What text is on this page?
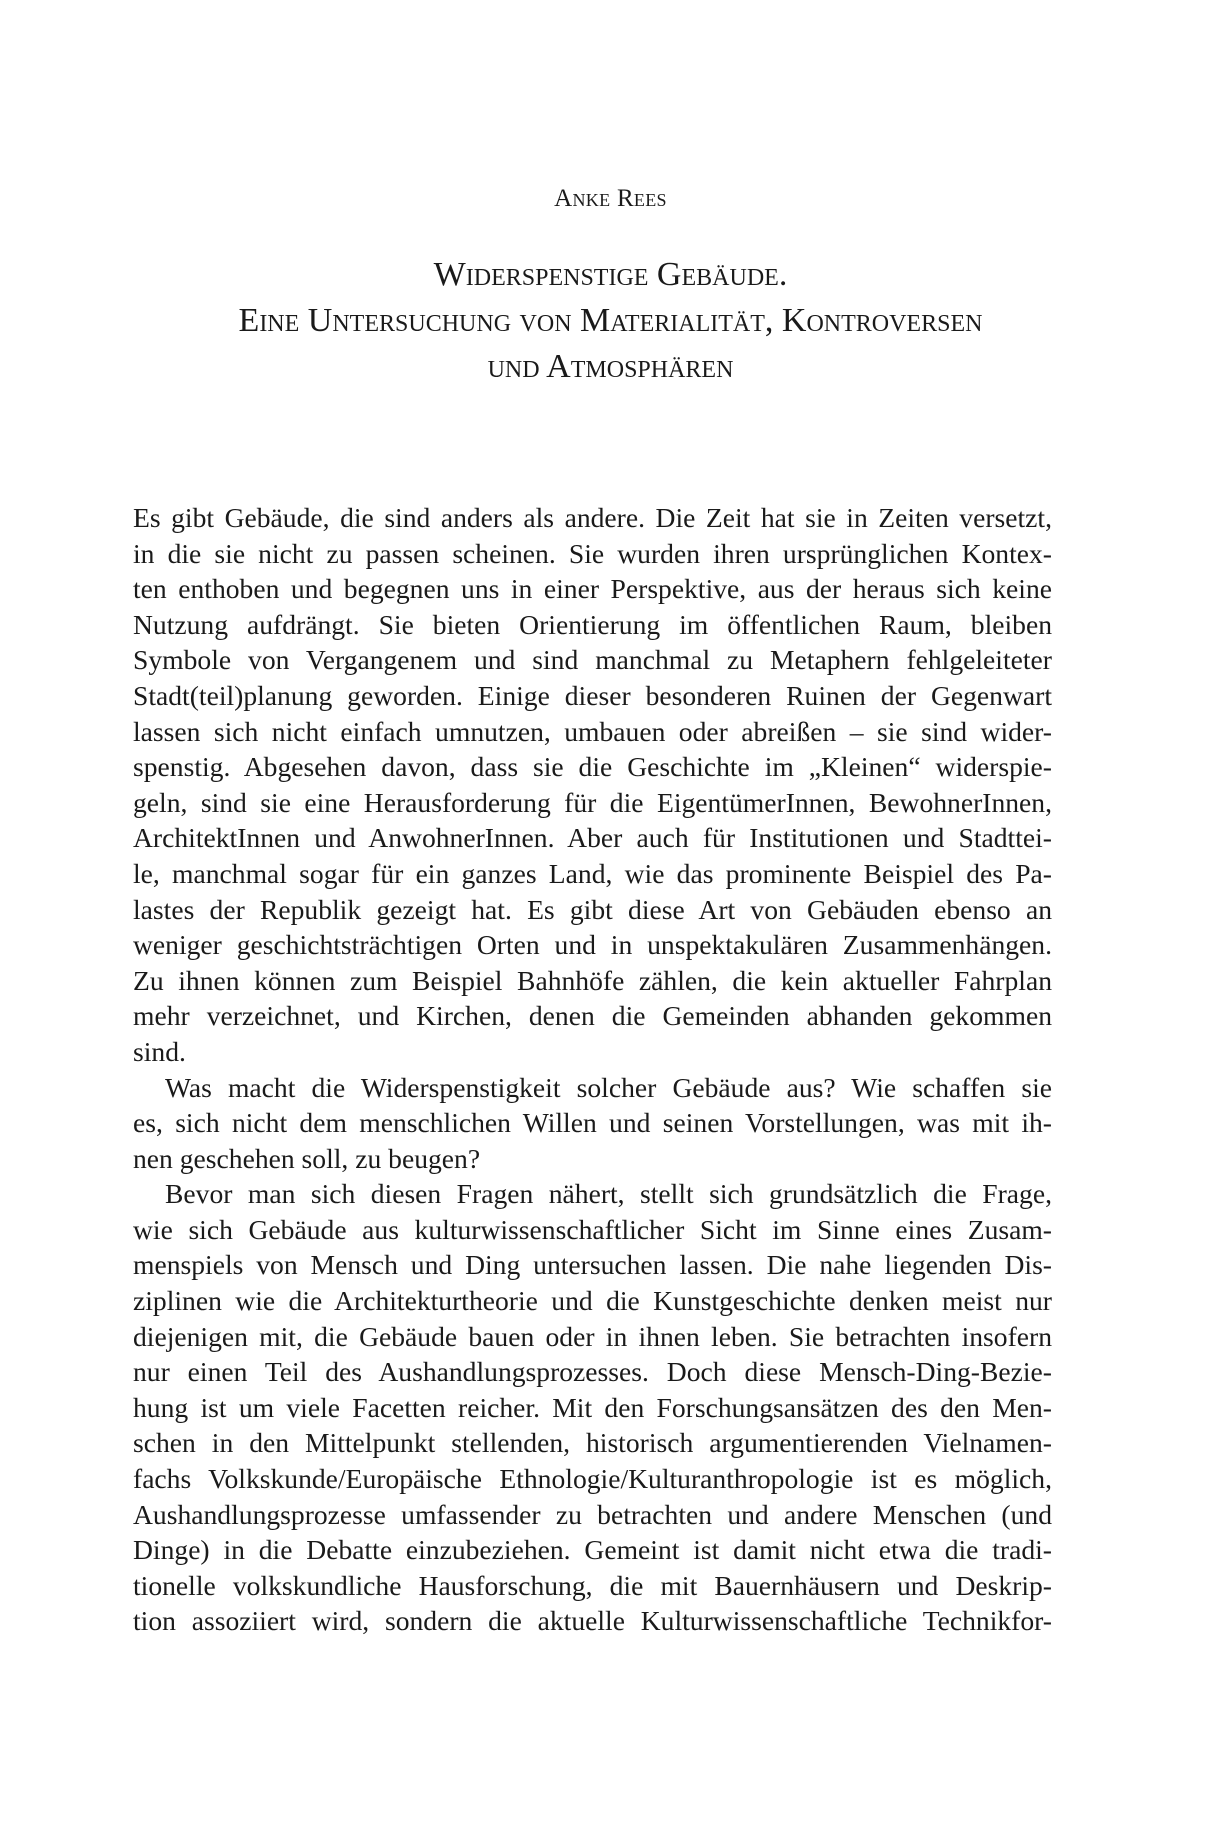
Anke Rees
Widerspenstige Gebäude.
Eine Untersuchung von Materialität, Kontroversen
und Atmosphären
Es gibt Gebäude, die sind anders als andere. Die Zeit hat sie in Zeiten versetzt,
in die sie nicht zu passen scheinen. Sie wurden ihren ursprünglichen Kontex-
ten enthoben und begegnen uns in einer Perspektive, aus der heraus sich keine
Nutzung aufdrängt. Sie bieten Orientierung im öffentlichen Raum, bleiben
Symbole von Vergangenem und sind manchmal zu Metaphern fehlgeleiteter
Stadt(teil)planung geworden. Einige dieser besonderen Ruinen der Gegenwart
lassen sich nicht einfach umnutzen, umbauen oder abreißen – sie sind wider-
spenstig. Abgesehen davon, dass sie die Geschichte im „Kleinen“ widerspie-
geln, sind sie eine Herausforderung für die EigentümerInnen, BewohnerInnen,
ArchitektInnen und AnwohnerInnen. Aber auch für Institutionen und Stadttei-
le, manchmal sogar für ein ganzes Land, wie das prominente Beispiel des Pa-
lastes der Republik gezeigt hat. Es gibt diese Art von Gebäuden ebenso an
weniger geschichtsträchtigen Orten und in unspektakulären Zusammenhängen.
Zu ihnen können zum Beispiel Bahnhöfe zählen, die kein aktueller Fahrplan
mehr verzeichnet, und Kirchen, denen die Gemeinden abhanden gekommen
sind.
Was macht die Widerspenstigkeit solcher Gebäude aus? Wie schaffen sie
es, sich nicht dem menschlichen Willen und seinen Vorstellungen, was mit ih-
nen geschehen soll, zu beugen?
Bevor man sich diesen Fragen nähert, stellt sich grundsätzlich die Frage,
wie sich Gebäude aus kulturwissenschaftlicher Sicht im Sinne eines Zusam-
menspiels von Mensch und Ding untersuchen lassen. Die nahe liegenden Dis-
ziplinen wie die Architekturtheorie und die Kunstgeschichte denken meist nur
diejenigen mit, die Gebäude bauen oder in ihnen leben. Sie betrachten insofern
nur einen Teil des Aushandlungsprozesses. Doch diese Mensch-Ding-Bezie-
hung ist um viele Facetten reicher. Mit den Forschungsansätzen des den Men-
schen in den Mittelpunkt stellenden, historisch argumentierenden Vielnamen-
fachs Volkskunde/Europäische Ethnologie/Kulturanthropologie ist es möglich,
Aushandlungsprozesse umfassender zu betrachten und andere Menschen (und
Dinge) in die Debatte einzubeziehen. Gemeint ist damit nicht etwa die tradi-
tionelle volkskundliche Hausforschung, die mit Bauernhäusern und Deskrip-
tion assoziiert wird, sondern die aktuelle Kulturwissenschaftliche Technikfor-
